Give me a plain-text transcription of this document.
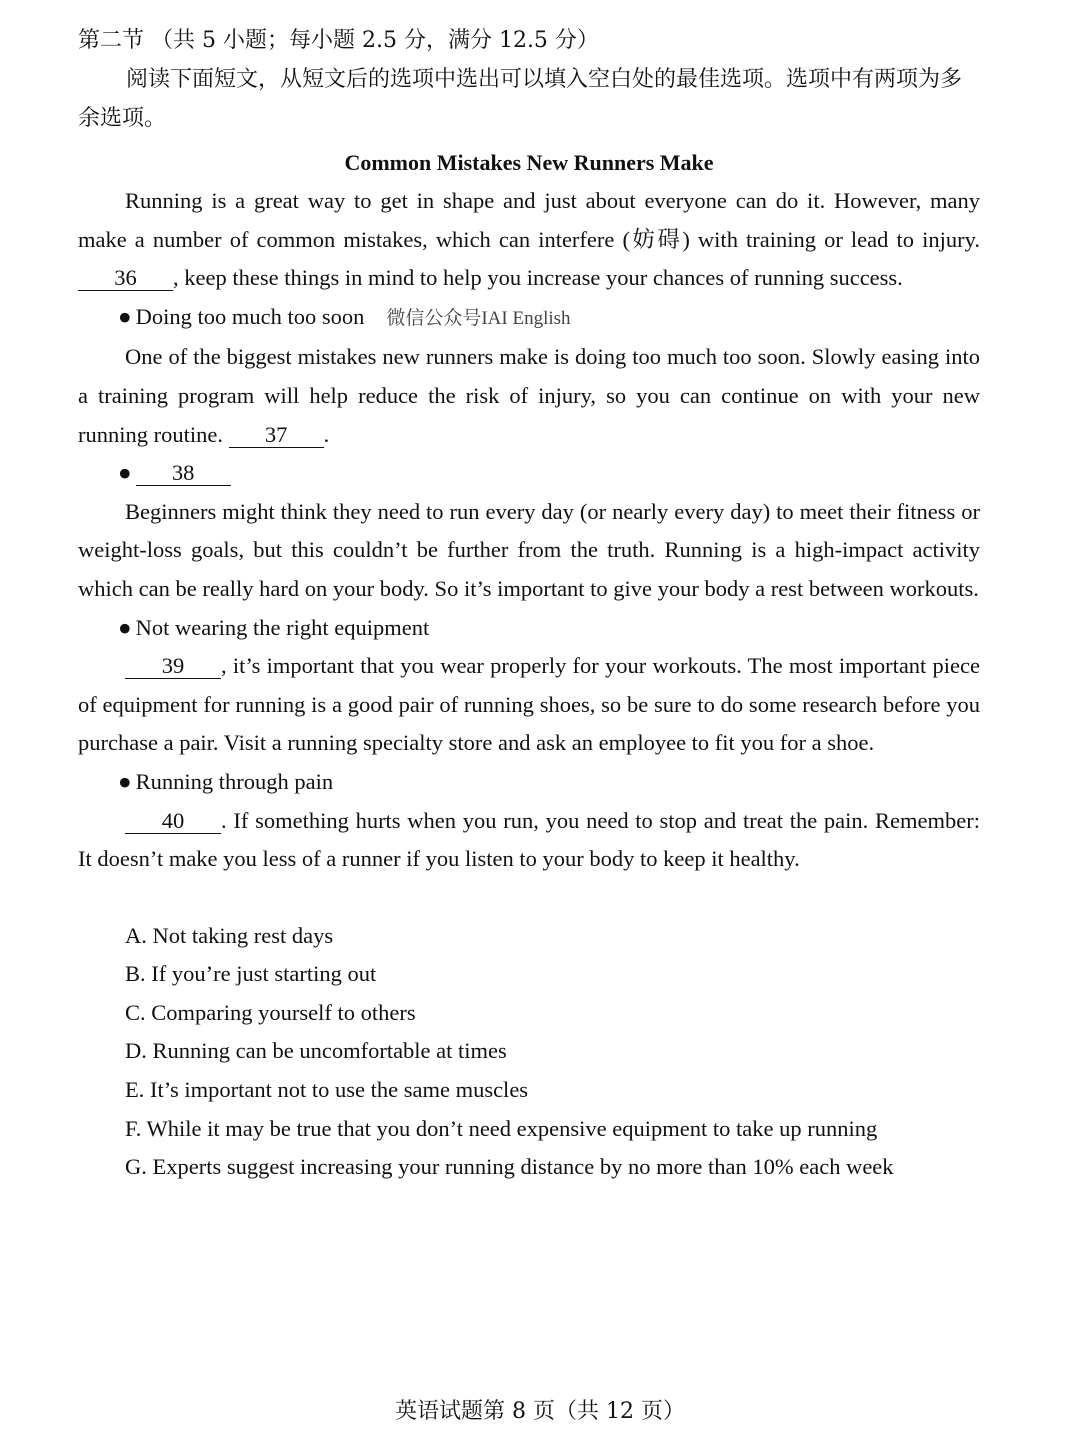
第二节 （共 5 小题；每小题 2.5 分，满分 12.5 分）

阅读下面短文，从短文后的选项中选出可以填入空白处的最佳选项。选项中有两项为多余选项。

Common Mistakes New Runners Make

Running is a great way to get in shape and just about everyone can do it. However, many make a number of common mistakes, which can interfere (妨碍) with training or lead to injury. 36 , keep these things in mind to help you increase your chances of running success.

● Doing too much too soon 微信公众号IAI English

One of the biggest mistakes new runners make is doing too much too soon. Slowly easing into a training program will help reduce the risk of injury, so you can continue on with your new running routine. 37 .

● 38

Beginners might think they need to run every day (or nearly every day) to meet their fitness or weight-loss goals, but this couldn’t be further from the truth. Running is a high-impact activity which can be really hard on your body. So it’s important to give your body a rest between workouts.

● Not wearing the right equipment

39 , it’s important that you wear properly for your workouts. The most important piece of equipment for running is a good pair of running shoes, so be sure to do some research before you purchase a pair. Visit a running specialty store and ask an employee to fit you for a shoe.

● Running through pain

40 . If something hurts when you run, you need to stop and treat the pain. Remember: It doesn’t make you less of a runner if you listen to your body to keep it healthy.

A. Not taking rest days

B. If you’re just starting out

C. Comparing yourself to others

D. Running can be uncomfortable at times

E. It’s important not to use the same muscles

F. While it may be true that you don’t need expensive equipment to take up running

G. Experts suggest increasing your running distance by no more than 10% each week

英语试题第 8 页（共 12 页）
